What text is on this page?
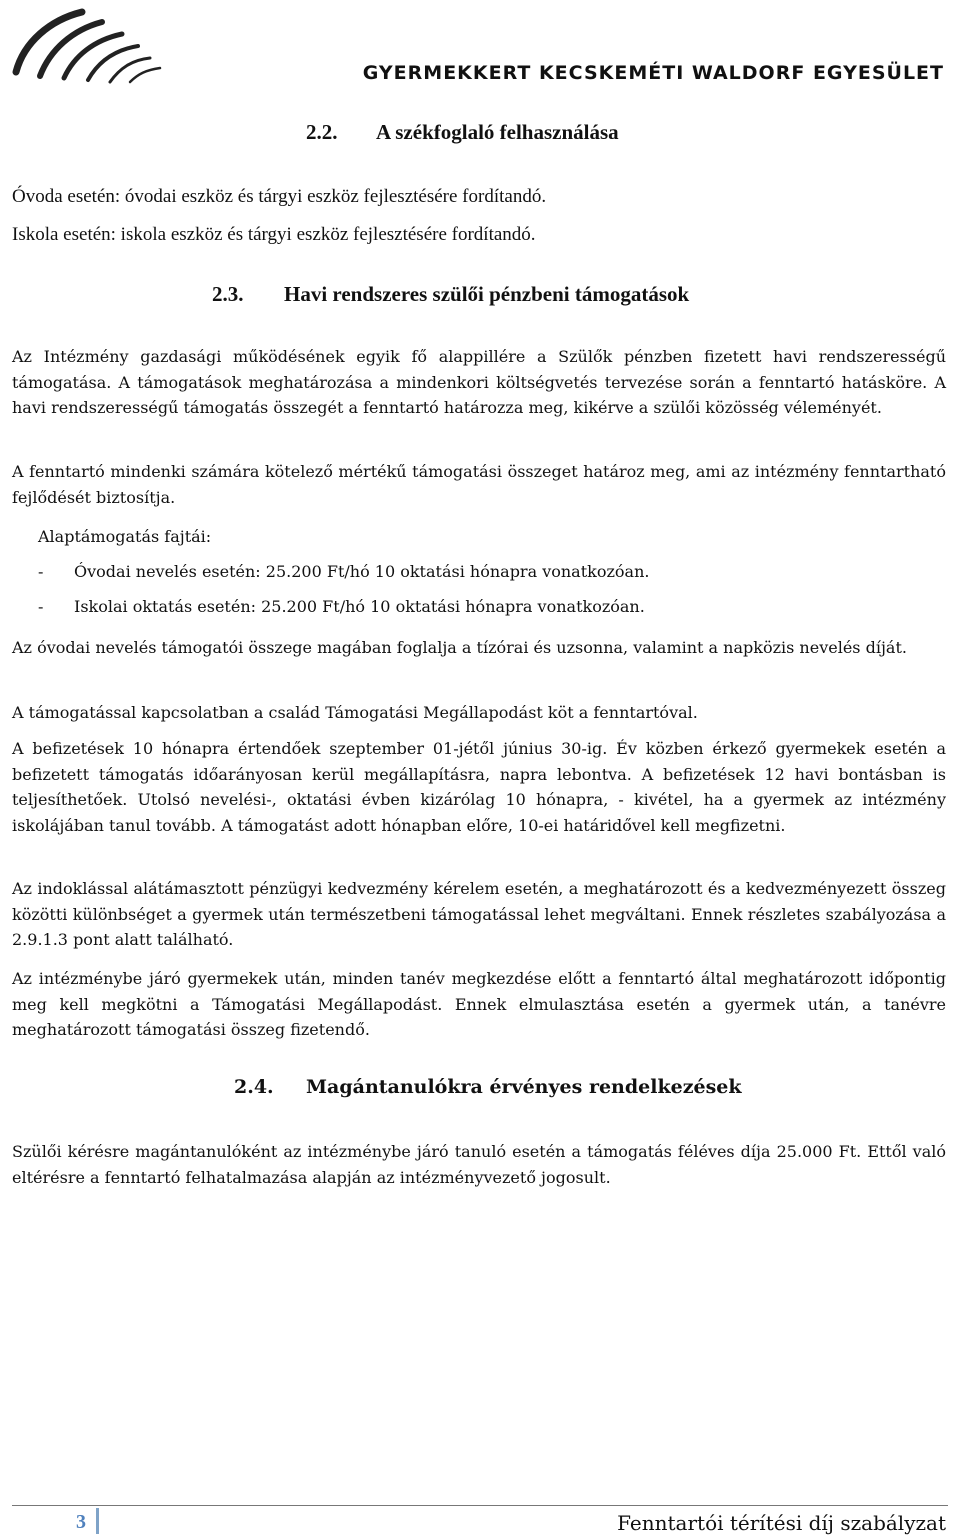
GYERMEKKERT KECSKEMÉTI WALDORF EGYESÜLET
2.2. A székfoglaló felhasználása

Óvoda esetén: óvodai eszköz és tárgyi eszköz fejlesztésére fordítandó.

Iskola esetén: iskola eszköz és tárgyi eszköz fejlesztésére fordítandó.

2.3. Havi rendszeres szülői pénzbeni támogatások

Az Intézmény gazdasági működésének egyik fő alappillére a Szülők pénzben fizetett havi rendszerességű támogatása. A támogatások meghatározása a mindenkori költségvetés tervezése során a fenntartó hatásköre. A havi rendszerességű támogatás összegét a fenntartó határozza meg, kikérve a szülői közösség véleményét.

A fenntartó mindenki számára kötelező mértékű támogatási összeget határoz meg, ami az intézmény fenntartható fejlődését biztosítja.

Alaptámogatás fajtái:

- Óvodai nevelés esetén: 25.200 Ft/hó 10 oktatási hónapra vonatkozóan.
- Iskolai oktatás esetén: 25.200 Ft/hó 10 oktatási hónapra vonatkozóan.

Az óvodai nevelés támogatói összege magában foglalja a tízórai és uzsonna, valamint a napközis nevelés díját.

A támogatással kapcsolatban a család Támogatási Megállapodást köt a fenntartóval.

A befizetések 10 hónapra értendőek szeptember 01-jétől június 30-ig. Év közben érkező gyermekek esetén a befizetett támogatás időarányosan kerül megállapításra, napra lebontva. A befizetések 12 havi bontásban is teljesíthetőek. Utolsó nevelési-, oktatási évben kizárólag 10 hónapra, - kivétel, ha a gyermek az intézmény iskolájában tanul tovább. A támogatást adott hónapban előre, 10-ei határidővel kell megfizetni.

Az indoklással alátámasztott pénzügyi kedvezmény kérelem esetén, a meghatározott és a kedvezményezett összeg közötti különbséget a gyermek után természetbeni támogatással lehet megváltani. Ennek részletes szabályozása a 2.9.1.3 pont alatt található.

Az intézménybe járó gyermekek után, minden tanév megkezdése előtt a fenntartó által meghatározott időpontig meg kell megkötni a Támogatási Megállapodást. Ennek elmulasztása esetén a gyermek után, a tanévre meghatározott támogatási összeg fizetendő.

2.4. Magántanulókra érvényes rendelkezések

Szülői kérésre magántanulóként az intézménybe járó tanuló esetén a támogatás féléves díja 25.000 Ft. Ettől való eltérésre a fenntartó felhatalmazása alapján az intézményvezető jogosult.

3	Fenntartói térítési díj szabályzat
